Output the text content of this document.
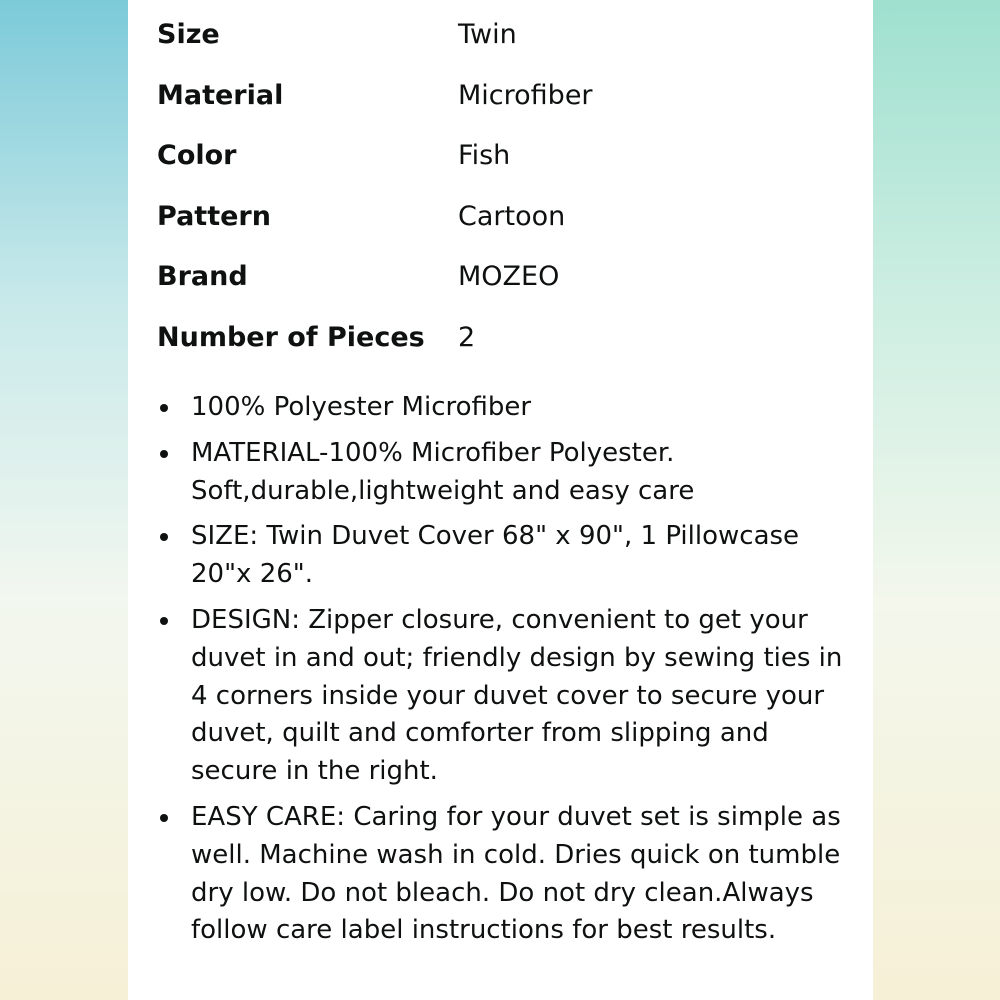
Size	Twin
Material	Microfiber
Color	Fish
Pattern	Cartoon
Brand	MOZEO
Number of Pieces 2
100% Polyester Microfiber
MATERIAL-100% Microfiber Polyester. Soft,durable,lightweight and easy care
SIZE: Twin Duvet Cover 68" x 90", 1 Pillowcase 20"x 26".
DESIGN: Zipper closure, convenient to get your duvet in and out; friendly design by sewing ties in 4 corners inside your duvet cover to secure your duvet, quilt and comforter from slipping and secure in the right.
EASY CARE: Caring for your duvet set is simple as well. Machine wash in cold. Dries quick on tumble dry low. Do not bleach. Do not dry clean.Always follow care label instructions for best results.
